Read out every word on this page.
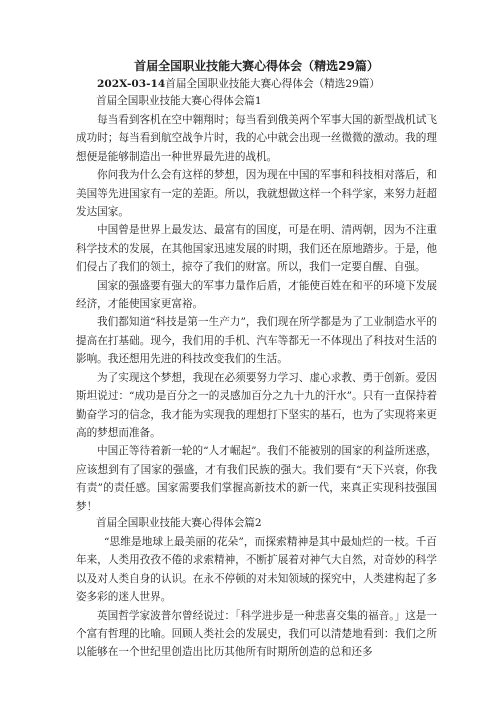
首届全国职业技能大赛心得体会（精选29篇）
202X-03-14首届全国职业技能大赛心得体会（精选29篇）
首届全国职业技能大赛心得体会篇1

每当看到客机在空中翱翔时；每当看到俄美两个军事大国的新型战机试飞成功时；每当看到航空战争片时，我的心中就会出现一丝微微的激动。我的理想便是能够制造出一种世界最先进的战机。

你问我为什么会有这样的梦想，因为现在中国的军事和科技相对落后，和美国等先进国家有一定的差距。所以，我就想做这样一个科学家，来努力赶超发达国家。

中国曾是世界上最发达、最富有的国度，可是在明、清两朝，因为不注重科学技术的发展，在其他国家迅速发展的时期，我们还在原地踏步。于是，他们侵占了我们的领土，掠夺了我们的财富。所以，我们一定要自醒、自强。

国家的强盛要有强大的军事力量作后盾，才能使百姓在和平的环境下发展经济，才能使国家更富裕。

我们都知道“科技是第一生产力”，我们现在所学都是为了工业制造水平的提高在打基础。现今，我们用的手机、汽车等都无一不体现出了科技对生活的影响。我还想用先进的科技改变我们的生活。

为了实现这个梦想，我现在必须要努力学习、虚心求教、勇于创新。爱因斯坦说过：“成功是百分之一的灵感加百分之九十九的汗水”。只有一直保持着勤奋学习的信念，我才能为实现我的理想打下坚实的基石，也为了实现将来更高的梦想而准备。

中国正等待着新一轮的“人才崛起”。我们不能被别的国家的利益所迷惑，应该想到有了国家的强盛，才有我们民族的强大。我们要有“天下兴衰，你我有责”的责任感。国家需要我们掌握高新技术的新一代，来真正实现科技强国梦！

首届全国职业技能大赛心得体会篇2

“思维是地球上最美丽的花朵”，而探索精神是其中最灿烂的一枝。千百年来，人类用孜孜不倦的求索精神，不断扩展着对神气大自然，对奇妙的科学以及对人类自身的认识。在永不停顿的对未知领域的探究中，人类建构起了多姿多彩的迷人世界。

英国哲学家波普尔曾经说过：「科学进步是一种悲喜交集的福音。」这是一个富有哲理的比喻。回顾人类社会的发展史，我们可以清楚地看到：我们之所以能够在一个世纪里创造出比历其他所有时期所创造的总和还多
